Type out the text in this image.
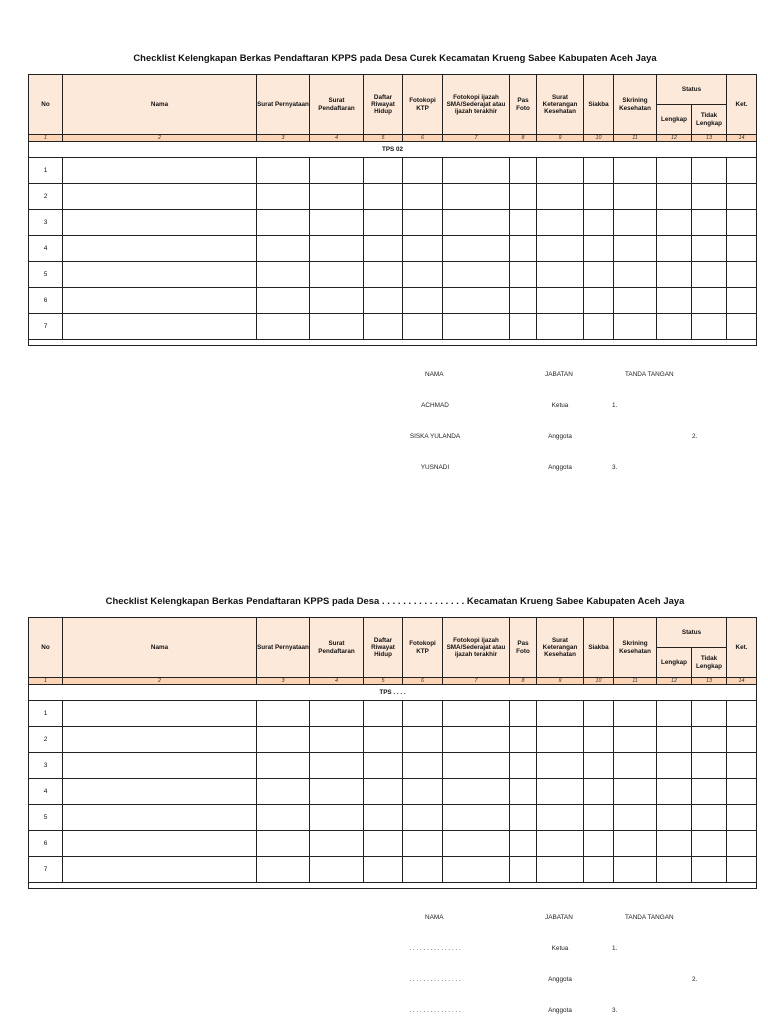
Checklist Kelengkapan Berkas Pendaftaran KPPS pada Desa Curek Kecamatan Krueng Sabee Kabupaten Aceh Jaya
No	Nama	Surat Pernyataan	Surat Pendaftaran	Daftar Riwayat Hidup	Fotokopi KTP	Fotokopi ijazah SMA/Sederajat atau ijazah terakhir	Pas Foto	Surat Keterangan Kesehatan	Siakba	Skrining Kesehatan	Status		Ket.
											Lengkap	Tidak Lengkap	
1	2	3	4	5	6	7	8	9	10	11	12	13	14
TPS 02													
1													
2													
3													
4													
5													
6													
7													

NAMA	JABATAN	TANDA TANGAN
ACHMAD	Ketua	1.
SISKA YULANDA	Anggota	2.
YUSNADI	Anggota	3.
Checklist Kelengkapan Berkas Pendaftaran KPPS pada Desa . . . . . . . . . . . . . . . . Kecamatan Krueng Sabee Kabupaten Aceh Jaya
No	Nama	Surat Pernyataan	Surat Pendaftaran	Daftar Riwayat Hidup	Fotokopi KTP	Fotokopi ijazah SMA/Sederajat atau ijazah terakhir	Pas Foto	Surat Keterangan Kesehatan	Siakba	Skrining Kesehatan	Status		Ket.
											Lengkap	Tidak Lengkap	
1	2	3	4	5	6	7	8	9	10	11	12	13	14
TPS . . . .													
1													
2													
3													
4													
5													
6													
7													

NAMA	JABATAN	TANDA TANGAN
. . . . . . . . . . . . . . .	Ketua	1.
. . . . . . . . . . . . . . .	Anggota	2.
. . . . . . . . . . . . . . .	Anggota	3.
